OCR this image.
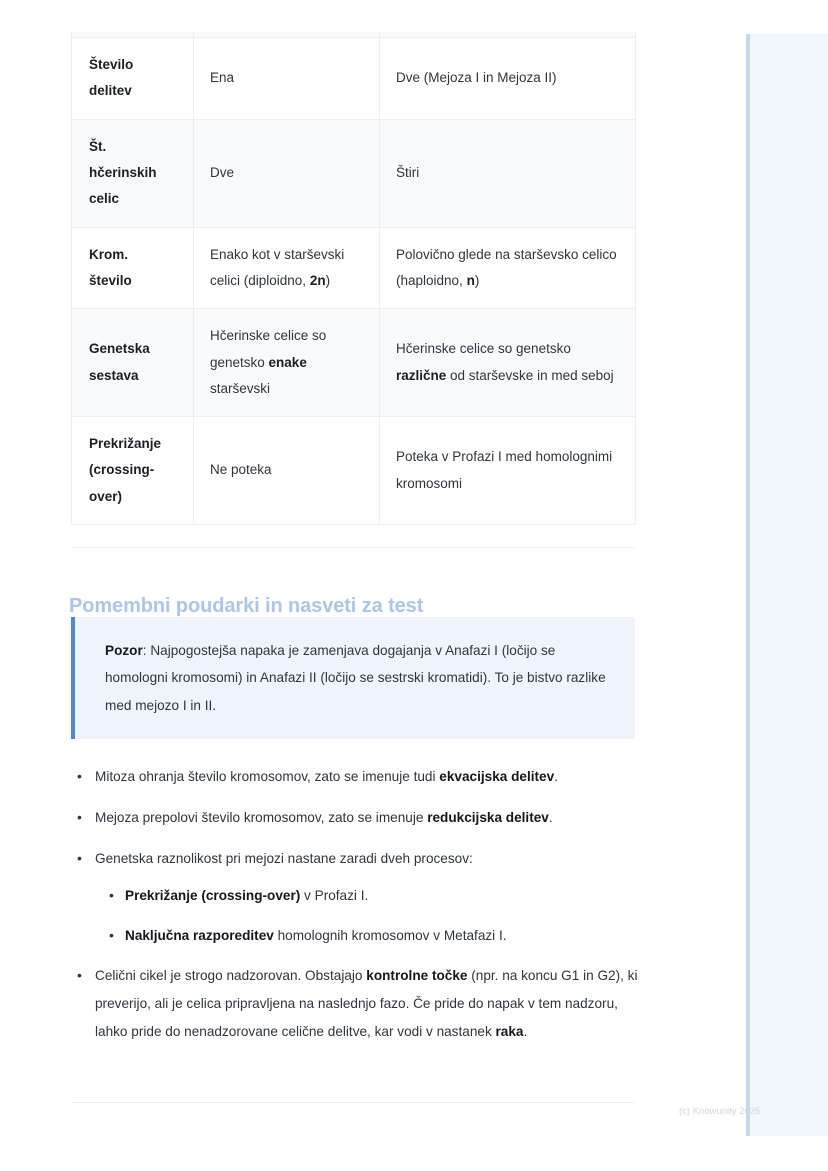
Število
delitev	Ena	Dve (Mejoza I in Mejoza II)
Št.
hčerinskih
celic	Dve	Štiri
Krom.
število	Enako kot v starševski celici (diploidno, 2n)	Polovično glede na starševsko celico (haploidno, n)
Genetska
sestava	Hčerinske celice so genetsko enake starševski	Hčerinske celice so genetsko različne od starševske in med seboj
Prekrižanje
(crossing-
over)	Ne poteka	Poteka v Profazi I med homolognimi kromosomi
Pomembni poudarki in nasveti za test

Pozor: Najpogostejša napaka je zamenjava dogajanja v Anafazi I (ločijo se homologni kromosomi) in Anafazi II (ločijo se sestrski kromatidi). To je bistvo razlike med mejozo I in II.

• Mitoza ohranja število kromosomov, zato se imenuje tudi ekvacijska delitev.
• Mejoza prepolovi število kromosomov, zato se imenuje redukcijska delitev.
• Genetska raznolikost pri mejozi nastane zaradi dveh procesov:
• Prekrižanje (crossing-over) v Profazi I.
• Naključna razporeditev homolognih kromosomov v Metafazi I.
• Celični cikel je strogo nadzorovan. Obstajajo kontrolne točke (npr. na koncu G1 in G2), ki preverijo, ali je celica pripravljena na naslednjo fazo. Če pride do napak v tem nadzoru, lahko pride do nenadzorovane celične delitve, kar vodi v nastanek raka.
(c) Knowunity 2025
